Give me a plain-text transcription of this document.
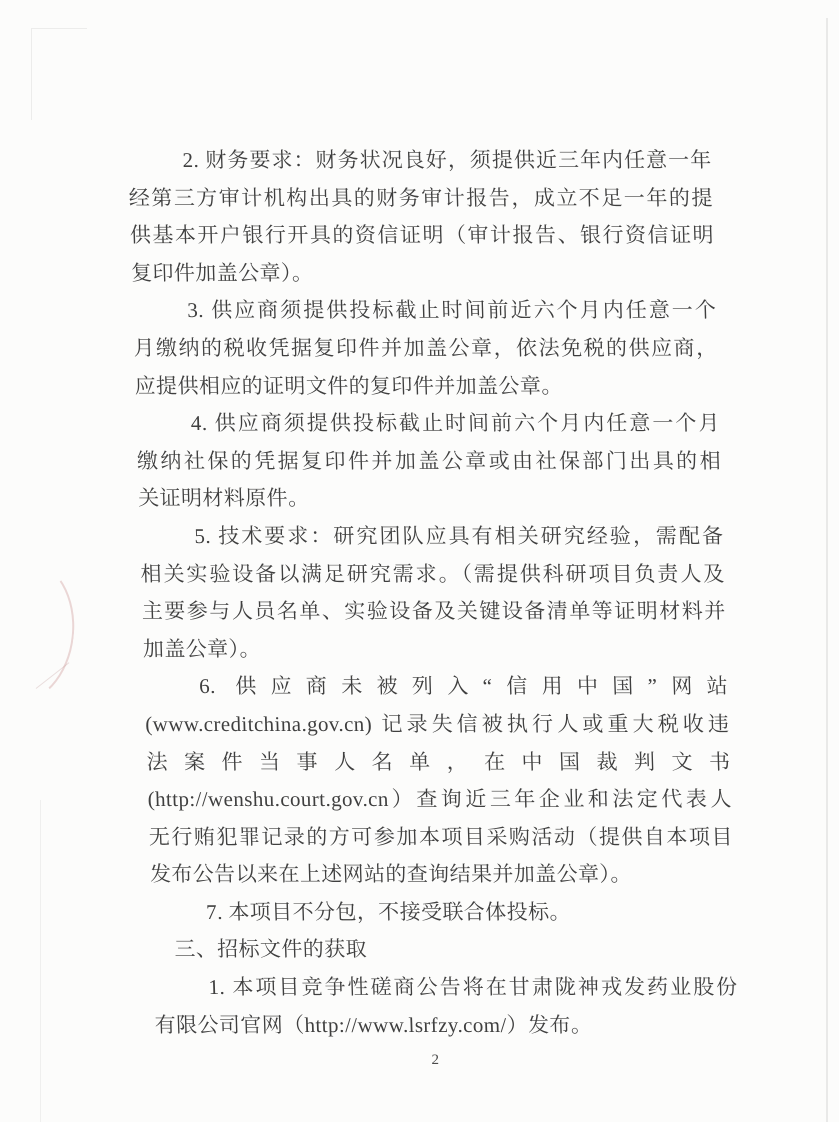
2. 财务要求：财务状况良好，须提供近三年内任意一年
经第三方审计机构出具的财务审计报告，成立不足一年的提
供基本开户银行开具的资信证明（审计报告、银行资信证明
复印件加盖公章）。
3. 供应商须提供投标截止时间前近六个月内任意一个
月缴纳的税收凭据复印件并加盖公章，依法免税的供应商，
应提供相应的证明文件的复印件并加盖公章。
4. 供应商须提供投标截止时间前六个月内任意一个月
缴纳社保的凭据复印件并加盖公章或由社保部门出具的相
关证明材料原件。
5. 技术要求：研究团队应具有相关研究经验，需配备
相关实验设备以满足研究需求。（需提供科研项目负责人及
主要参与人员名单、实验设备及关键设备清单等证明材料并
加盖公章）。
6. 供应商未被列入“信用中国”网站
(www.creditchina.gov.cn) 记录失信被执行人或重大税收违
法案件当事人名单，在中国裁判文书
(http://wenshu.court.gov.cn）查询近三年企业和法定代表人
无行贿犯罪记录的方可参加本项目采购活动（提供自本项目
发布公告以来在上述网站的查询结果并加盖公章）。
7. 本项目不分包，不接受联合体投标。
三、招标文件的获取
1. 本项目竞争性磋商公告将在甘肃陇神戎发药业股份
有限公司官网（http://www.lsrfzy.com/）发布。
2
